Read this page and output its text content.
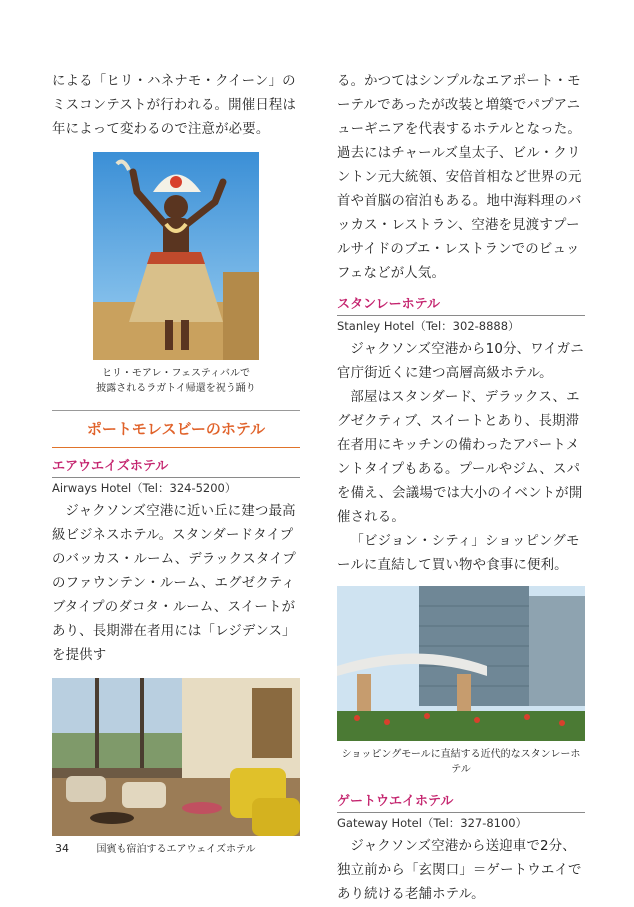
による「ヒリ・ハネナモ・クイーン」のミスコンテストが行われる。開催日程は年によって変わるので注意が必要。

ヒリ・モアレ・フェスティバルで
披露されるラガトイ帰還を祝う踊り

ポートモレスビーのホテル

エアウエイズホテル

Airways Hotel（Tel：324-5200）

ジャクソンズ空港に近い丘に建つ最高級ビジネスホテル。スタンダードタイプのバッカス・ルーム、デラックスタイプのファウンテン・ルーム、エグゼクティブタイプのダコタ・ルーム、スイートがあり、長期滞在者用には「レジデンス」を提供す

国賓も宿泊するエアウェイズホテル

る。かつてはシンプルなエアポート・モーテルであったが改装と増築でパプアニューギニアを代表するホテルとなった。過去にはチャールズ皇太子、ビル・クリントン元大統領、安倍首相など世界の元首や首脳の宿泊もある。地中海料理のバッカス・レストラン、空港を見渡すプールサイドのブエ・レストランでのビュッフェなどが人気。

スタンレーホテル

Stanley Hotel（Tel：302-8888）

ジャクソンズ空港から10分、ワイガニ官庁街近くに建つ高層高級ホテル。

部屋はスタンダード、デラックス、エグゼクティブ、スイートとあり、長期滞在者用にキッチンの備わったアパートメントタイプもある。プールやジム、スパを備え、会議場では大小のイベントが開催される。

「ビジョン・シティ」ショッピングモールに直結して買い物や食事に便利。

ショッピングモールに直結する近代的なスタンレーホテル

ゲートウエイホテル

Gateway Hotel（Tel：327-8100）

ジャクソンズ空港から送迎車で2分、独立前から「玄関口」＝ゲートウエイであり続ける老舗ホテル。

34
